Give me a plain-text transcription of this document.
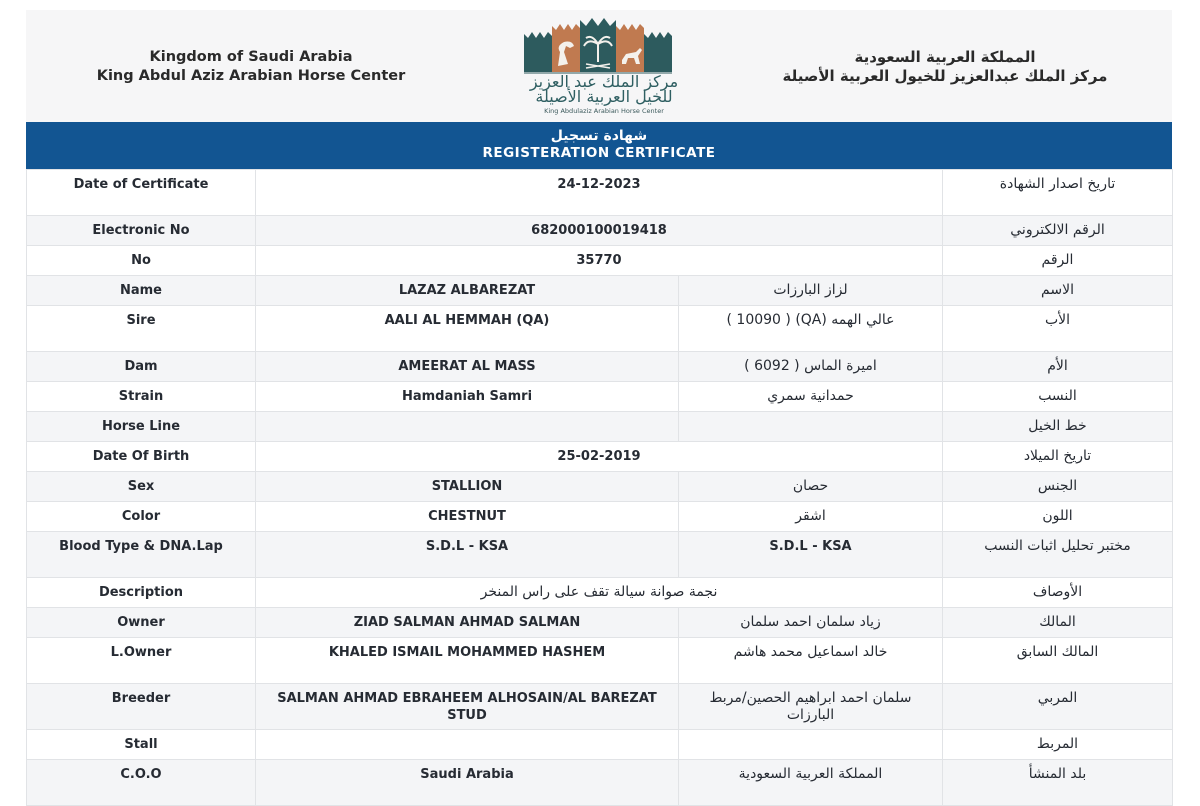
Kingdom of Saudi Arabia
King Abdul Aziz Arabian Horse Center	مركز الملك عبد العزيز
للخيل العربية الأصيلة
King Abdulaziz Arabian Horse Center
المملكة العربية السعودية
مركز الملك عبدالعزيز للخيول العربية الأصيلة
شهادة تسجيل
REGISTERATION CERTIFICATE
Date of Certificate	24-12-2023		تاريخ اصدار الشهادة
Electronic No	682000100019418		الرقم الالكتروني
No	35770		الرقم
Name	LAZAZ ALBAREZAT	لزاز البارزات	الاسم
Sire	AALI AL HEMMAH (QA)	عالي الهمه (QA) ( 10090 )	الأب
Dam	AMEERAT AL MASS	اميرة الماس ( 6092 )	الأم
Strain	Hamdaniah Samri	حمدانية سمري	النسب
Horse Line			خط الخيل
Date Of Birth	25-02-2019		تاريخ الميلاد
Sex	STALLION	حصان	الجنس
Color	CHESTNUT	اشقر	اللون
Blood Type & DNA.Lap	S.D.L - KSA	S.D.L - KSA	مختبر تحليل اثبات النسب
Description	نجمة صوانة سيالة تقف على راس المنخر		الأوصاف
Owner	ZIAD SALMAN AHMAD SALMAN	زياد سلمان احمد سلمان	المالك
L.Owner	KHALED ISMAIL MOHAMMED HASHEM	خالد اسماعيل محمد هاشم	المالك السابق
Breeder	SALMAN AHMAD EBRAHEEM ALHOSAIN/AL BAREZAT STUD	سلمان احمد ابراهيم الحصين/مربط البارزات	المربي
Stall			المربط
C.O.O	Saudi Arabia	المملكة العربية السعودية	بلد المنشأ
